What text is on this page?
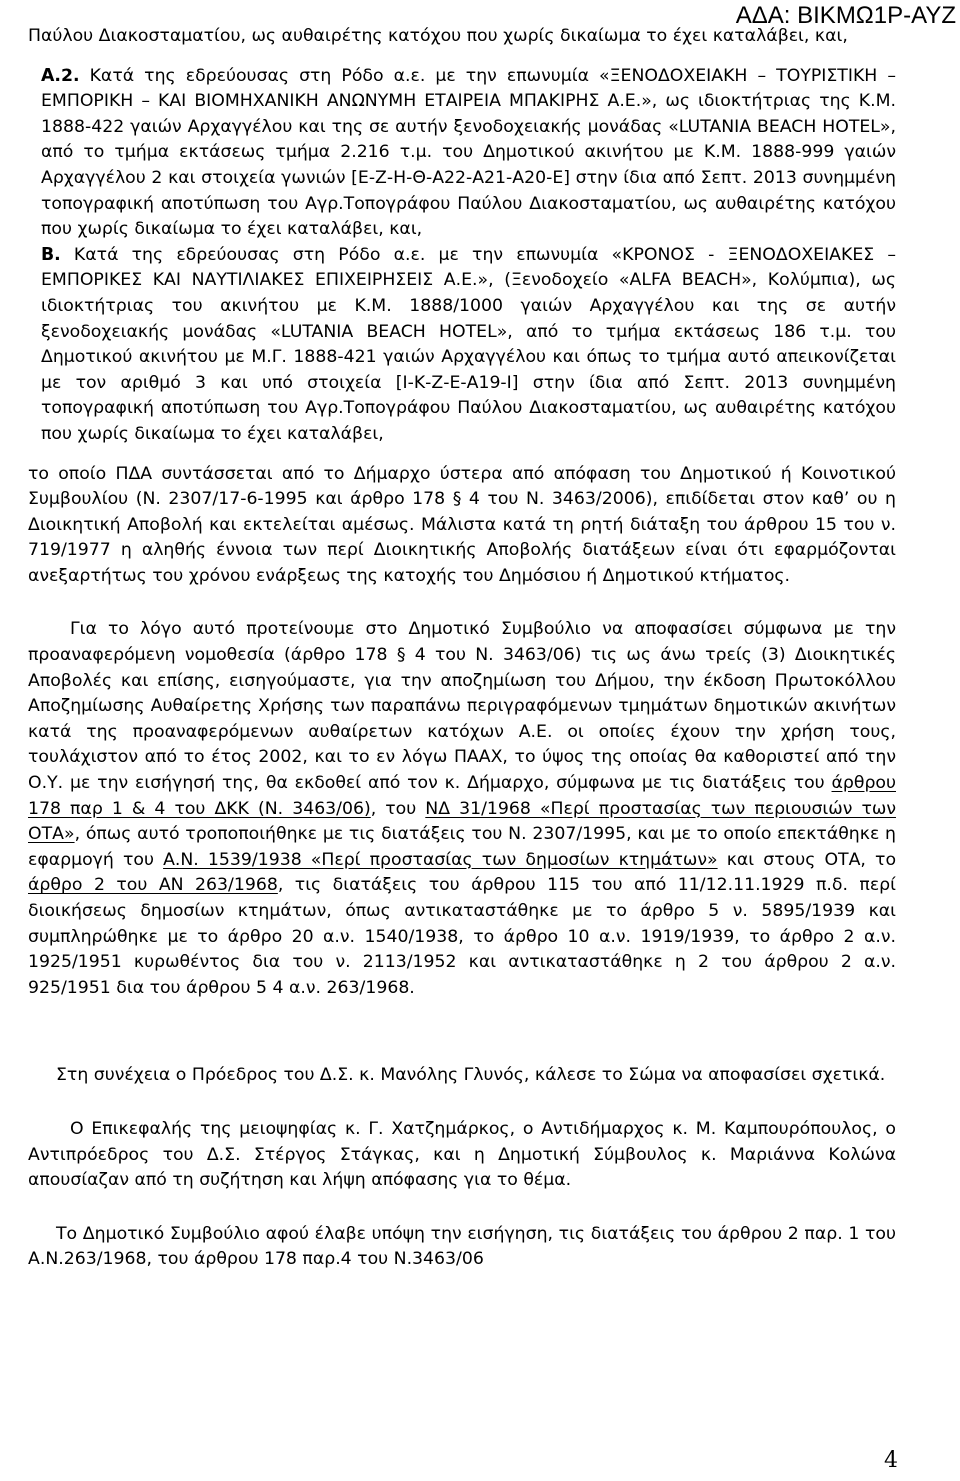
ΑΔΑ: ΒΙΚΜΩ1Ρ-ΑΥΖ

Παύλου Διακοσταματίου, ως αυθαιρέτης κατόχου που χωρίς δικαίωμα το έχει καταλάβει, και,

Α.2. Κατά της εδρεύουσας στη Ρόδο α.ε. με την επωνυμία «ΞΕΝΟΔΟΧΕΙΑΚΗ – ΤΟΥΡΙΣΤΙΚΗ – ΕΜΠΟΡΙΚΗ – ΚΑΙ ΒΙΟΜΗΧΑΝΙΚΗ ΑΝΩΝΥΜΗ ΕΤΑΙΡΕΙΑ ΜΠΑΚΙΡΗΣ Α.Ε.», ως ιδιοκτήτριας της Κ.Μ. 1888-422 γαιών Αρχαγγέλου και της σε αυτήν ξενοδοχειακής μονάδας «LUTANIA BEACH HOTEL», από το τμήμα εκτάσεως τμήμα 2.216 τ.μ. του Δημοτικού ακινήτου με Κ.Μ. 1888-999 γαιών Αρχαγγέλου 2 και στοιχεία γωνιών [Ε-Ζ-Η-Θ-Α22-Α21-Α20-Ε] στην ίδια από Σεπτ. 2013 συνημμένη τοπογραφική αποτύπωση του Αγρ.Τοπογράφου Παύλου Διακοσταματίου, ως αυθαιρέτης κατόχου που χωρίς δικαίωμα το έχει καταλάβει, και,

Β. Κατά της εδρεύουσας στη Ρόδο α.ε. με την επωνυμία «ΚΡΟΝΟΣ - ΞΕΝΟΔΟΧΕΙΑΚΕΣ – ΕΜΠΟΡΙΚΕΣ ΚΑΙ ΝΑΥΤΙΛΙΑΚΕΣ ΕΠΙΧΕΙΡΗΣΕΙΣ Α.Ε.», (Ξενοδοχείο «ALFA BEACH», Κολύμπια), ως ιδιοκτήτριας του ακινήτου με Κ.Μ. 1888/1000 γαιών Αρχαγγέλου και της σε αυτήν ξενοδοχειακής μονάδας «LUTANIA BEACH HOTEL», από το τμήμα εκτάσεως 186 τ.μ. του Δημοτικού ακινήτου με Μ.Γ. 1888-421 γαιών Αρχαγγέλου και όπως το τμήμα αυτό απεικονίζεται με τον αριθμό 3 και υπό στοιχεία [Ι-Κ-Ζ-Ε-Α19-Ι] στην ίδια από Σεπτ. 2013 συνημμένη τοπογραφική αποτύπωση του Αγρ.Τοπογράφου Παύλου Διακοσταματίου, ως αυθαιρέτης κατόχου που χωρίς δικαίωμα το έχει καταλάβει,

το οποίο ΠΔΑ συντάσσεται από το Δήμαρχο ύστερα από απόφαση του Δημοτικού ή Κοινοτικού Συμβουλίου (Ν. 2307/17-6-1995 και άρθρο 178 § 4 του Ν. 3463/2006), επιδίδεται στον καθ’ ου η Διοικητική Αποβολή και εκτελείται αμέσως. Μάλιστα κατά τη ρητή διάταξη του άρθρου 15 του ν. 719/1977 η αληθής έννοια των περί Διοικητικής Αποβολής διατάξεων είναι ότι εφαρμόζονται ανεξαρτήτως του χρόνου ενάρξεως της κατοχής του Δημόσιου ή Δημοτικού κτήματος.

Για το λόγο αυτό προτείνουμε στο Δημοτικό Συμβούλιο να αποφασίσει σύμφωνα με την προαναφερόμενη νομοθεσία (άρθρο 178 § 4 του Ν. 3463/06) τις ως άνω τρείς (3) Διοικητικές Αποβολές και επίσης, εισηγούμαστε, για την αποζημίωση του Δήμου, την έκδοση Πρωτοκόλλου Αποζημίωσης Αυθαίρετης Χρήσης των παραπάνω περιγραφόμενων τμημάτων δημοτικών ακινήτων κατά της προαναφερόμενων αυθαίρετων κατόχων Α.Ε. οι οποίες έχουν την χρήση τους, τουλάχιστον από το έτος 2002, και το εν λόγω ΠΑΑΧ, το ύψος της οποίας θα καθοριστεί από την Ο.Υ. με την εισήγησή της, θα εκδοθεί από τον κ. Δήμαρχο, σύμφωνα με τις διατάξεις του άρθρου 178 παρ 1 & 4 του ΔΚΚ (Ν. 3463/06), του ΝΔ 31/1968 «Περί προστασίας των περιουσιών των ΟΤΑ», όπως αυτό τροποποιήθηκε με τις διατάξεις του Ν. 2307/1995, και με το οποίο επεκτάθηκε η εφαρμογή του Α.Ν. 1539/1938 «Περί προστασίας των δημοσίων κτημάτων» και στους ΟΤΑ, το άρθρο 2 του ΑΝ 263/1968, τις διατάξεις του άρθρου 115 του από 11/12.11.1929 π.δ. περί διοικήσεως δημοσίων κτημάτων, όπως αντικαταστάθηκε με το άρθρο 5 ν. 5895/1939 και συμπληρώθηκε με το άρθρο 20 α.ν. 1540/1938, το άρθρο 10 α.ν. 1919/1939, το άρθρο 2 α.ν. 1925/1951 κυρωθέντος δια του ν. 2113/1952 και αντικαταστάθηκε η 2 του άρθρου 2 α.ν. 925/1951 δια του άρθρου 5 4 α.ν. 263/1968.

Στη συνέχεια ο Πρόεδρος του Δ.Σ. κ. Μανόλης Γλυνός, κάλεσε το Σώμα να αποφασίσει σχετικά.

Ο Επικεφαλής της μειοψηφίας κ. Γ. Χατζημάρκος, ο Αντιδήμαρχος κ. Μ. Καμπουρόπουλος, ο Αντιπρόεδρος του Δ.Σ. Στέργος Στάγκας, και η Δημοτική Σύμβουλος κ. Μαριάννα Κολώνα απουσίαζαν από τη συζήτηση και λήψη απόφασης για το θέμα.

Το Δημοτικό Συμβούλιο αφού έλαβε υπόψη την εισήγηση, τις διατάξεις του άρθρου 2 παρ. 1 του Α.Ν.263/1968, του άρθρου 178 παρ.4 του Ν.3463/06

4
